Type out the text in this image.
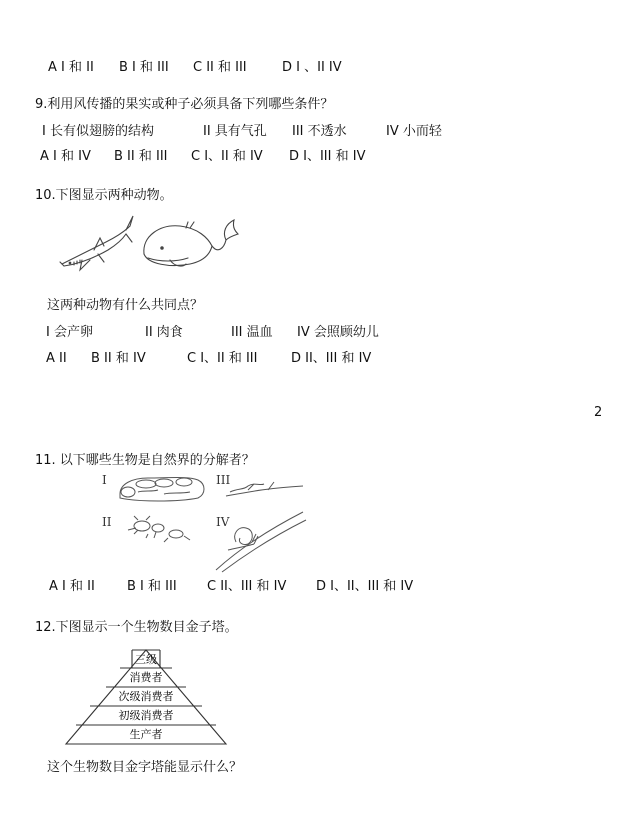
A I 和 II B I 和 III C II 和 III	D I 、II IV
9.利用风传播的果实或种子必须具备下列哪些条件？
I 长有似翅膀的结构	II 具有气孔 III 不透水	IV 小而轻
A I 和 IV B II 和 III C I、II 和 IV D I、III 和 IV
10.下图显示两种动物。
这两种动物有什么共同点？
I 会产卵	II 肉食	III 温血 IV 会照顾幼儿
A II B II 和 IV	C I、II 和 III	D II、III 和 IV
2
11. 以下哪些生物是自然界的分解者？
I	III
II	IV
A I 和 II B I 和 III C II、III 和 IV D I、II、III 和 IV
12.下图显示一个生物数目金子塔。
三级
消费者
次级消费者
初级消费者
生产者
这个生物数目金字塔能显示什么？
